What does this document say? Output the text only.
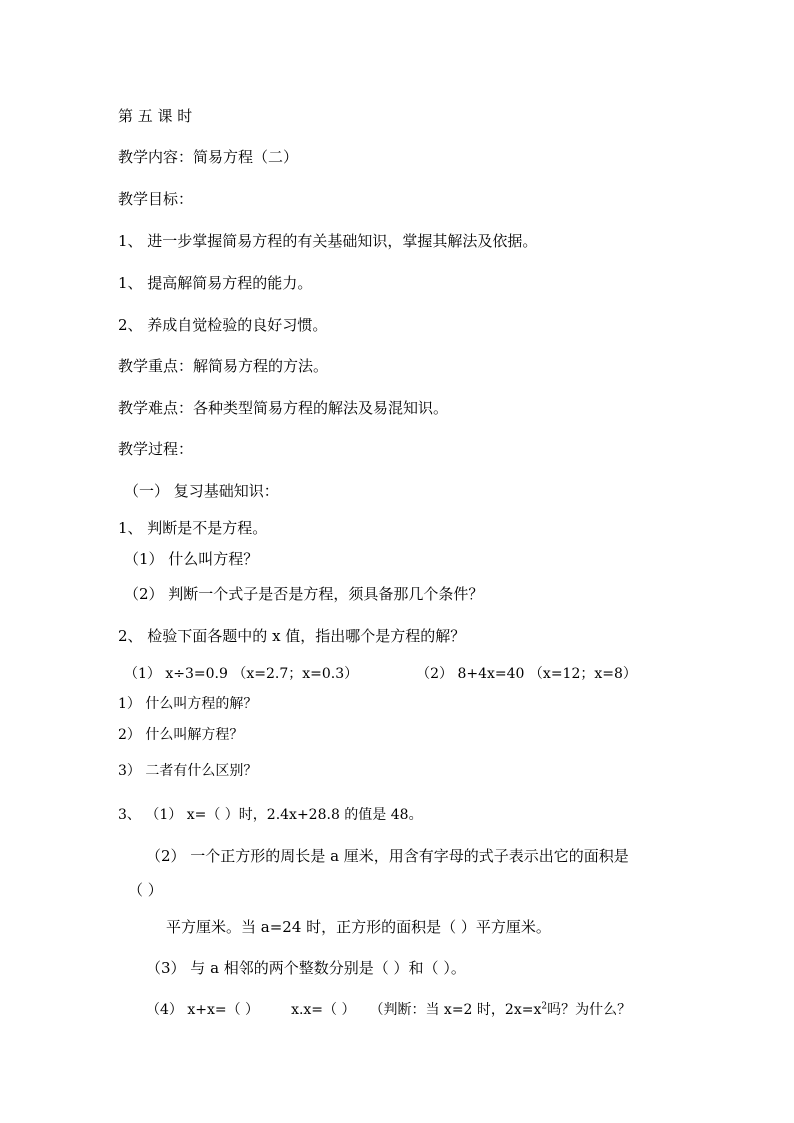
第 五 课 时
教学内容：简易方程（二）
教学目标：
1、 进一步掌握简易方程的有关基础知识，掌握其解法及依据。
1、 提高解简易方程的能力。
2、 养成自觉检验的良好习惯。
教学重点：解简易方程的方法。
教学难点：各种类型简易方程的解法及易混知识。
教学过程：
（一） 复习基础知识：
1、 判断是不是方程。
（1） 什么叫方程？
（2） 判断一个式子是否是方程，须具备那几个条件？
2、 检验下面各题中的 x 值，指出哪个是方程的解？
（1） x÷3=0.9 （x=2.7；x=0.3）	（2） 8+4x=40 （x=12；x=8）
1） 什么叫方程的解？
2） 什么叫解方程？
3） 二者有什么区别？
3、 （1） x=（ ）时，2.4x+28.8 的值是 48。
（2） 一个正方形的周长是 a 厘米，用含有字母的式子表示出它的面积是
（ ）
平方厘米。当 a=24 时，正方形的面积是（ ）平方厘米。
（3） 与 a 相邻的两个整数分别是（ ）和（ ）。
（4） x+x=（ ） x.x=（ ） （判断：当 x=2 时，$2x=x^2$吗？为什么？
